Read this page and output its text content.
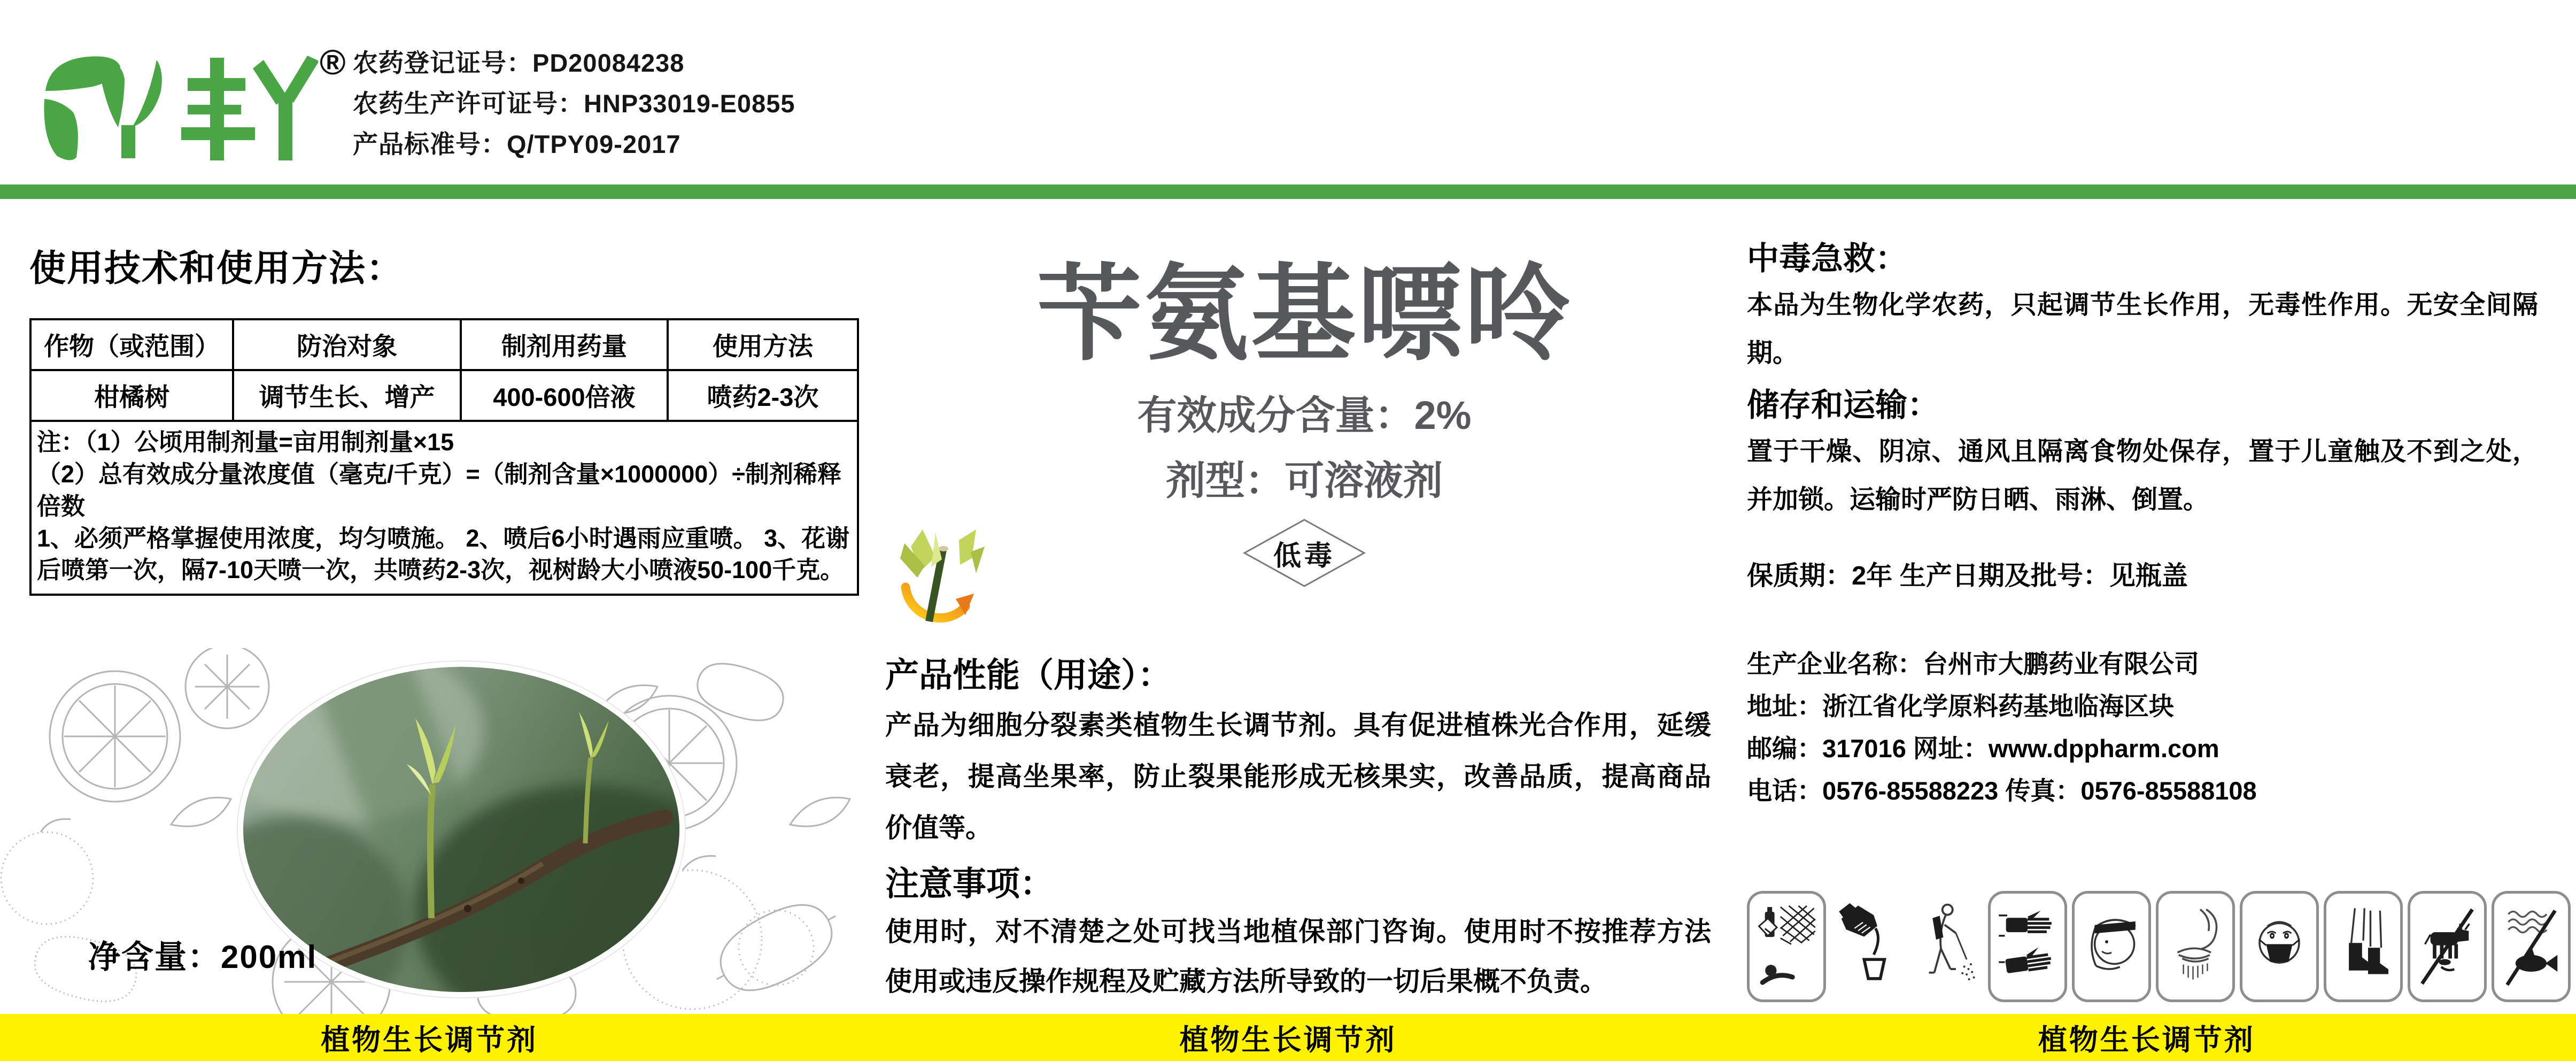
® 农药登记证号：PD20084238
农药生产许可证号：HNP33019-E0855
产品标准号：Q/TPY09-2017
使用技术和使用方法：
作物（或范围）	防治对象	制剂用药量	使用方法
柑橘树	调节生长、增产	400-600倍液	喷药2-3次

注：（1）公顷用制剂量=亩用制剂量×15
（2）总有效成分量浓度值（毫克/千克）=（制剂含量×1000000）÷制剂稀释倍数
1、必须严格掌握使用浓度，均匀喷施。 2、喷后6小时遇雨应重喷。 3、花谢后喷第一次，隔7-10天喷一次，共喷药2-3次，视树龄大小喷液50-100千克。			
净含量：200ml
苄氨基嘌呤
有效成分含量：2%
剂型：可溶液剂
低毒
产品性能（用途）：
产品为细胞分裂素类植物生长调节剂。具有促进植株光合作用，延缓衰老，提高坐果率，防止裂果能形成无核果实，改善品质，提高商品价值等。
注意事项：
使用时，对不清楚之处可找当地植保部门咨询。使用时不按推荐方法使用或违反操作规程及贮藏方法所导致的一切后果概不负责。
中毒急救：
本品为生物化学农药，只起调节生长作用，无毒性作用。无安全间隔期。
储存和运输：
置于干燥、阴凉、通风且隔离食物处保存，置于儿童触及不到之处，并加锁。运输时严防日晒、雨淋、倒置。
保质期：2年 生产日期及批号：见瓶盖
生产企业名称：台州市大鹏药业有限公司
地址：浙江省化学原料药基地临海区块
邮编：317016 网址：www.dppharm.com
电话：0576-85588223 传真：0576-85588108
植物生长调节剂	植物生长调节剂	植物生长调节剂
